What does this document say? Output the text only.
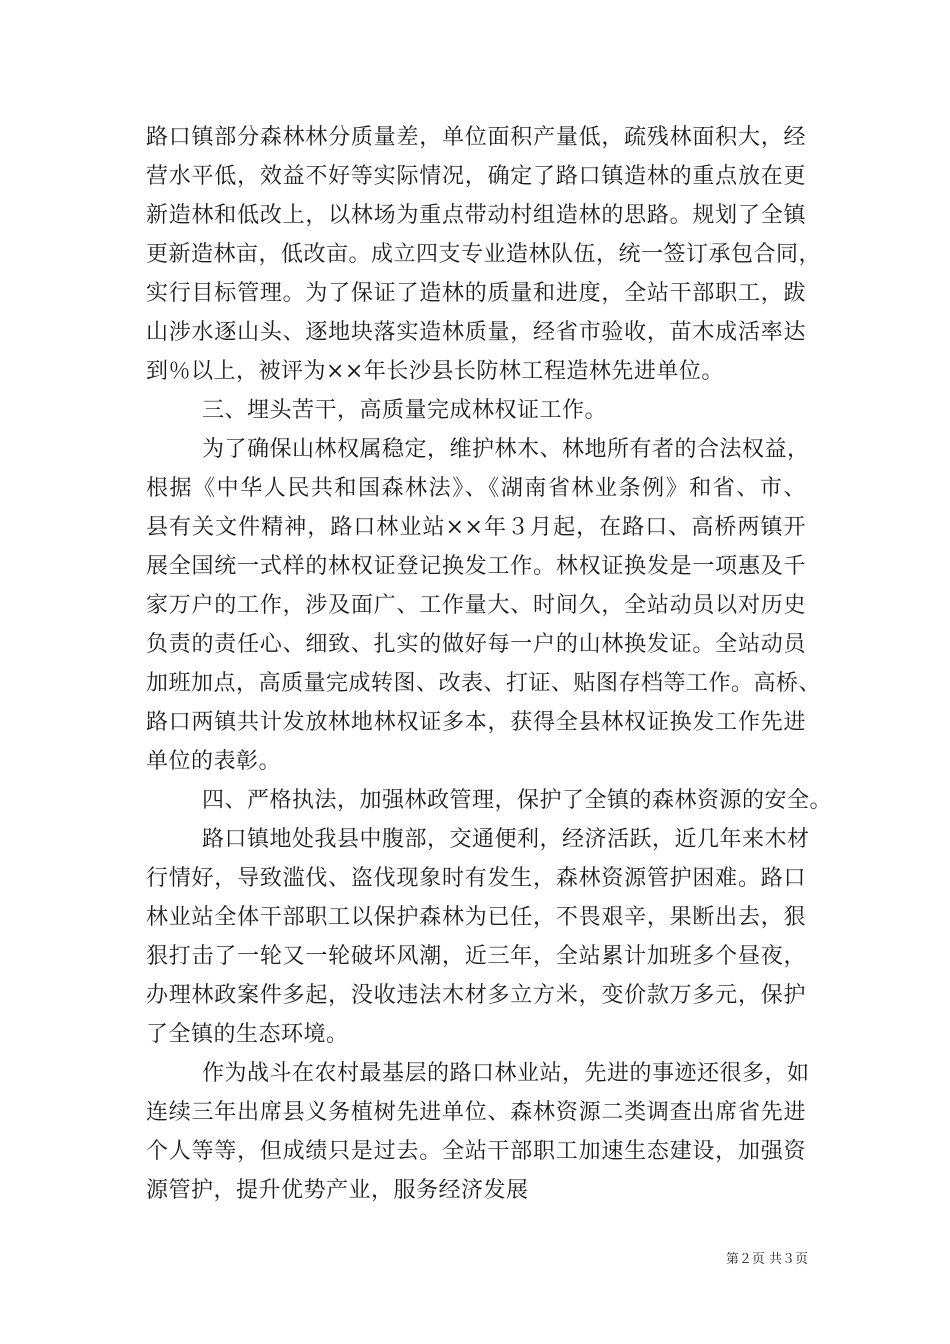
路口镇部分森林林分质量差，单位面积产量低，疏残林面积大，经
营水平低，效益不好等实际情况，确定了路口镇造林的重点放在更
新造林和低改上，以林场为重点带动村组造林的思路。规划了全镇
更新造林亩，低改亩。成立四支专业造林队伍，统一签订承包合同，
实行目标管理。为了保证了造林的质量和进度，全站干部职工，跋
山涉水逐山头、逐地块落实造林质量，经省市验收，苗木成活率达
到％以上，被评为××年长沙县长防林工程造林先进单位。
三、埋头苦干，高质量完成林权证工作。
为了确保山林权属稳定，维护林木、林地所有者的合法权益，
根据《中华人民共和国森林法》、《湖南省林业条例》和省、市、
县有关文件精神，路口林业站××年３月起，在路口、高桥两镇开
展全国统一式样的林权证登记换发工作。林权证换发是一项惠及千
家万户的工作，涉及面广、工作量大、时间久，全站动员以对历史
负责的责任心、细致、扎实的做好每一户的山林换发证。全站动员
加班加点，高质量完成转图、改表、打证、贴图存档等工作。高桥、
路口两镇共计发放林地林权证多本，获得全县林权证换发工作先进
单位的表彰。
四、严格执法，加强林政管理，保护了全镇的森林资源的安全。
路口镇地处我县中腹部，交通便利，经济活跃，近几年来木材
行情好，导致滥伐、盗伐现象时有发生，森林资源管护困难。路口
林业站全体干部职工以保护森林为已任，不畏艰辛，果断出去，狠
狠打击了一轮又一轮破坏风潮，近三年，全站累计加班多个昼夜，
办理林政案件多起，没收违法木材多立方米，变价款万多元，保护
了全镇的生态环境。
作为战斗在农村最基层的路口林业站，先进的事迹还很多，如
连续三年出席县义务植树先进单位、森林资源二类调查出席省先进
个人等等，但成绩只是过去。全站干部职工加速生态建设，加强资
源管护，提升优势产业，服务经济发展
第２页 共３页
